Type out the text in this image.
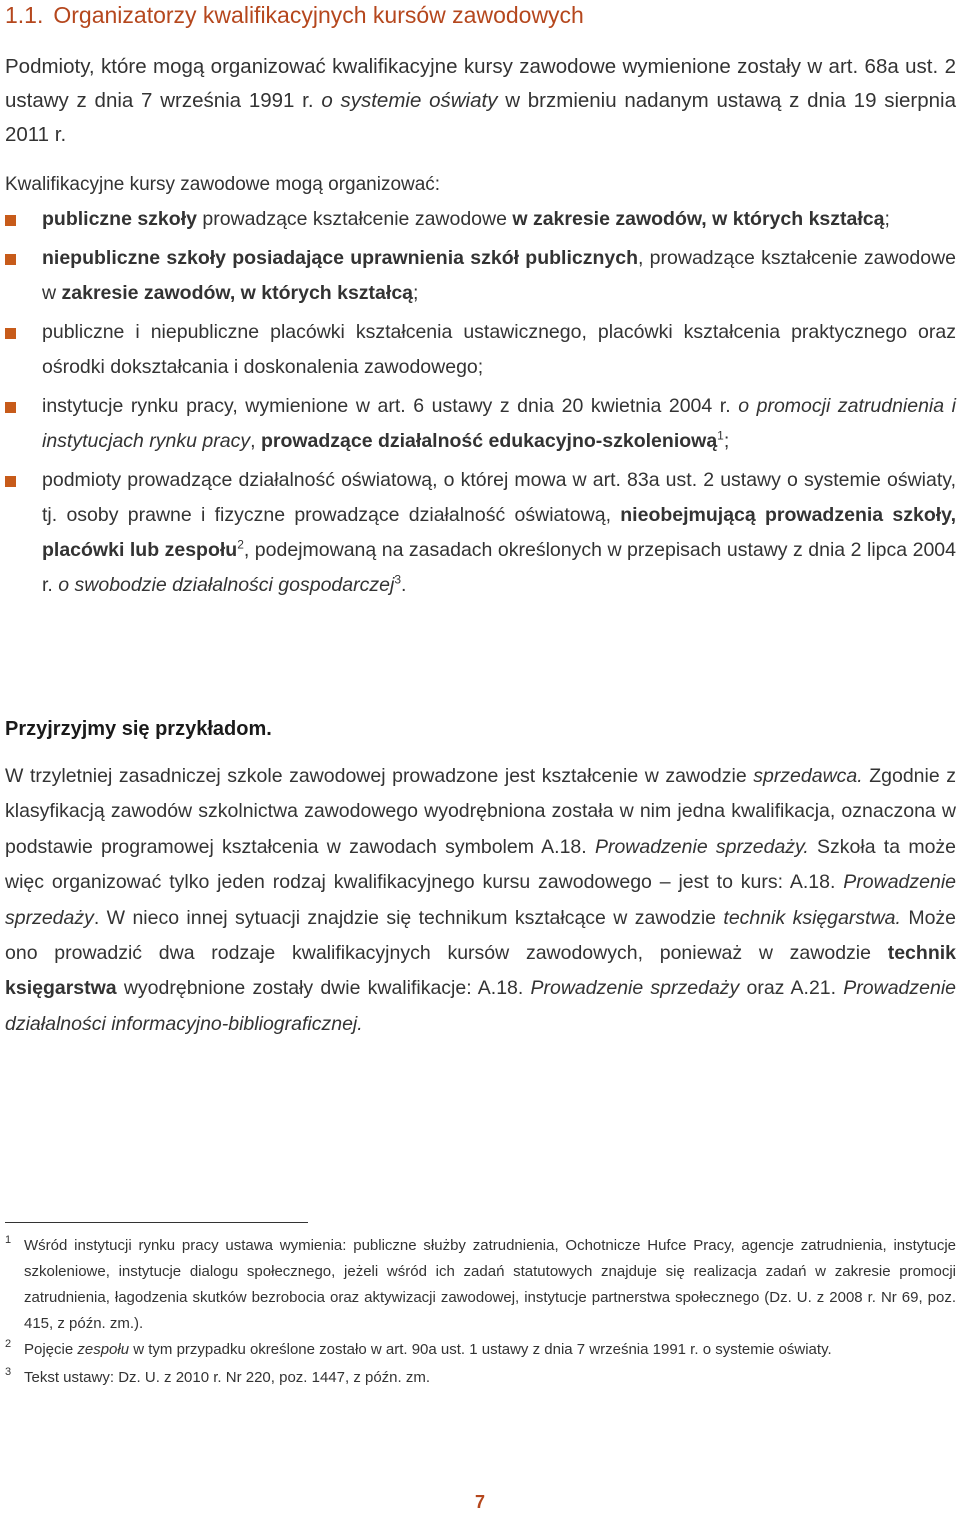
1.1. Organizatorzy kwalifikacyjnych kursów zawodowych

Podmioty, które mogą organizować kwalifikacyjne kursy zawodowe wymienione zostały w art. 68a ust. 2 ustawy z dnia 7 września 1991 r. o systemie oświaty w brzmieniu nadanym ustawą z dnia 19 sierpnia 2011 r.

Kwalifikacyjne kursy zawodowe mogą organizować:

publiczne szkoły prowadzące kształcenie zawodowe w zakresie zawodów, w których kształcą;
niepubliczne szkoły posiadające uprawnienia szkół publicznych, prowadzące kształcenie zawodowe w zakresie zawodów, w których kształcą;
publiczne i niepubliczne placówki kształcenia ustawicznego, placówki kształcenia praktycznego oraz ośrodki dokształcania i doskonalenia zawodowego;
instytucje rynku pracy, wymienione w art. 6 ustawy z dnia 20 kwietnia 2004 r. o promocji zatrudnienia i instytucjach rynku pracy, prowadzące działalność edukacyjno-szkoleniową$^1$;
podmioty prowadzące działalność oświatową, o której mowa w art. 83a ust. 2 ustawy o systemie oświaty, tj. osoby prawne i fizyczne prowadzące działalność oświatową, nieobejmującą prowadzenia szkoły, placówki lub zespołu$^2$, podejmowaną na zasadach określonych w przepisach ustawy z dnia 2 lipca 2004 r. o swobodzie działalności gospodarczej$^3$.

Przyjrzyjmy się przykładom.

W trzyletniej zasadniczej szkole zawodowej prowadzone jest kształcenie w zawodzie sprzedawca. Zgodnie z klasyfikacją zawodów szkolnictwa zawodowego wyodrębniona została w nim jedna kwalifikacja, oznaczona w podstawie programowej kształcenia w zawodach symbolem A.18. Prowadzenie sprzedaży. Szkoła ta może więc organizować tylko jeden rodzaj kwalifikacyjnego kursu zawodowego – jest to kurs: A.18. Prowadzenie sprzedaży. W nieco innej sytuacji znajdzie się technikum kształcące w zawodzie technik księgarstwa. Może ono prowadzić dwa rodzaje kwalifikacyjnych kursów zawodowych, ponieważ w zawodzie technik księgarstwa wyodrębnione zostały dwie kwalifikacje: A.18. Prowadzenie sprzedaży oraz A.21. Prowadzenie działalności informacyjno-bibliograficznej.

1 Wśród instytucji rynku pracy ustawa wymienia: publiczne służby zatrudnienia, Ochotnicze Hufce Pracy, agencje zatrudnienia, instytucje szkoleniowe, instytucje dialogu społecznego, jeżeli wśród ich zadań statutowych znajduje się realizacja zadań w zakresie promocji zatrudnienia, łagodzenia skutków bezrobocia oraz aktywizacji zawodowej, instytucje partnerstwa społecznego (Dz. U. z 2008 r. Nr 69, poz. 415, z późn. zm.).

2 Pojęcie zespołu w tym przypadku określone zostało w art. 90a ust. 1 ustawy z dnia 7 września 1991 r. o systemie oświaty.

3 Tekst ustawy: Dz. U. z 2010 r. Nr 220, poz. 1447, z późn. zm.

7
